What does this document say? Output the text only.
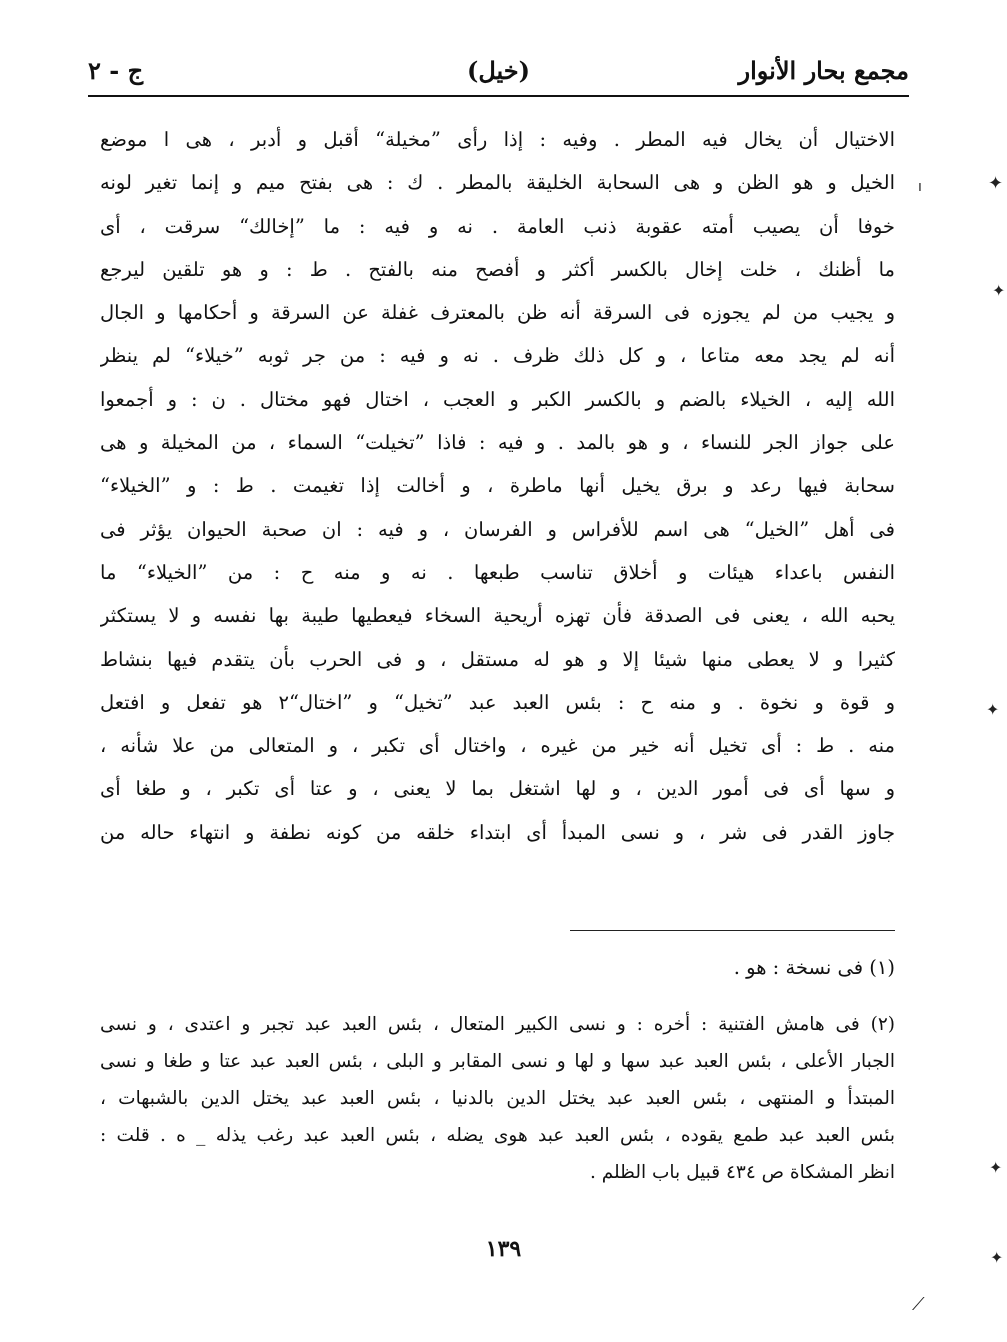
مجمع بحار الأنوار
(خيل)
ج - ٢
الاختيال أن يخال فيه المطر . وفيه : إذا رأى ”مخيلة“ أقبل و أدبر ، هى ا موضع
الخيل و هو الظن و هى السحابة الخليقة بالمطر . ك : هى بفتح ميم و إنما تغير لونه
خوفا أن يصيب أمته عقوبة ذنب العامة . نه و فيه : ما ”إخالك“ سرقت ، أى
ما أظنك ، خلت إخال بالكسر أكثر و أفصح منه بالفتح . ط : و هو تلقين ليرجع
و يجيب من لم يجوزه فى السرقة أنه ظن بالمعترف غفلة عن السرقة و أحكامها و الجال
أنه لم يجد معه متاعا ، و كل ذلك ظرف . نه و فيه : من جر ثوبه ”خيلاء“ لم ينظر
الله إليه ، الخيلاء بالضم و بالكسر الكبر و العجب ، اختال فهو مختال . ن : و أجمعوا
على جواز الجر للنساء ، و هو بالمد . و فيه : فاذا ”تخيلت“ السماء ، من المخيلة و هى
سحابة فيها رعد و برق يخيل أنها ماطرة ، و أخالت إذا تغيمت . ط : و ”الخيلاء“
فى أهل ”الخيل“ هى اسم للأفراس و الفرسان ، و فيه : ان صحبة الحيوان يؤثر فى
النفس باعداء هيئات و أخلاق تناسب طبعها . نه و منه ح : من ”الخيلاء“ ما
يحبه الله ، يعنى فى الصدقة فأن تهزه أريحية السخاء فيعطيها طيبة بها نفسه و لا يستكثر
كثيرا و لا يعطى منها شيئا إلا و هو له مستقل ، و فى الحرب بأن يتقدم فيها بنشاط
و قوة و نخوة . و منه ح : بئس العبد عبد ”تخيل“ و ”اختال“٢ هو تفعل و افتعل
منه . ط : أى تخيل أنه خير من غيره ، واختال أى تكبر ، و المتعالى من علا شأنه ،
و سها أى فى أمور الدين ، و لها اشتغل بما لا يعنى ، و عتا أى تكبر ، و طغا أى
جاوز القدر فى شر ، و نسى المبدأ أى ابتداء خلقه من كونه نطفة و انتهاء حاله من
(١) فى نسخة : هو .
(٢) فى هامش الفتنية : أخره : و نسى الكبير المتعال ، بئس العبد عبد تجبر و اعتدى ، و نسى
الجبار الأعلى ، بئس العبد عبد سها و لها و نسى المقابر و البلى ، بئس العبد عبد عتا و طغا و نسى
المبتدأ و المنتهى ، بئس العبد عبد يختل الدين بالدنيا ، بئس العبد عبد يختل الدين بالشبهات ،
بئس العبد عبد طمع يقوده ، بئس العبد عبد هوى يضله ، بئس العبد عبد رغب يذله _ ه . قلت :
انظر المشكاة ص ٤٣٤ قبيل باب الظلم .
١٣٩
✦
✦
✦
✦
✦
⟋
ı
